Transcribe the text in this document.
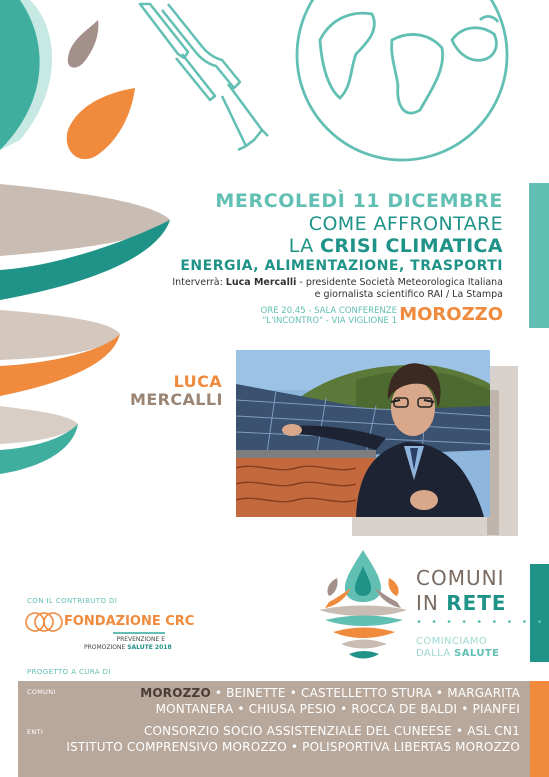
MERCOLEDÌ 11 DICEMBRE
COME AFFRONTARE
LA CRISI CLIMATICA
ENERGIA, ALIMENTAZIONE, TRASPORTI
Interverrà: Luca Mercalli - presidente Società Meteorologica Italiana
e giornalista scientifico RAI / La Stampa
ORE 20.45 - SALA CONFERENZE
"L'INCONTRO" - VIA VIGLIONE 1 MOROZZO
LUCA
MERCALLI
COMUNI
IN RETE
• • • • • • • • •
COMINCIAMO
DALLA SALUTE
CON IL CONTRIBUTO DI
FONDAZIONE CRC
PREVENZIONE E
PROMOZIONE SALUTE 2018
PROGETTO A CURA DI
COMUNI
ENTI
MOROZZO • BEINETTE • CASTELLETTO STURA • MARGARITA
MONTANERA • CHIUSA PESIO • ROCCA DE BALDI • PIANFEI
CONSORZIO SOCIO ASSISTENZIALE DEL CUNEESE • ASL CN1
ISTITUTO COMPRENSIVO MOROZZO • POLISPORTIVA LIBERTAS MOROZZO
